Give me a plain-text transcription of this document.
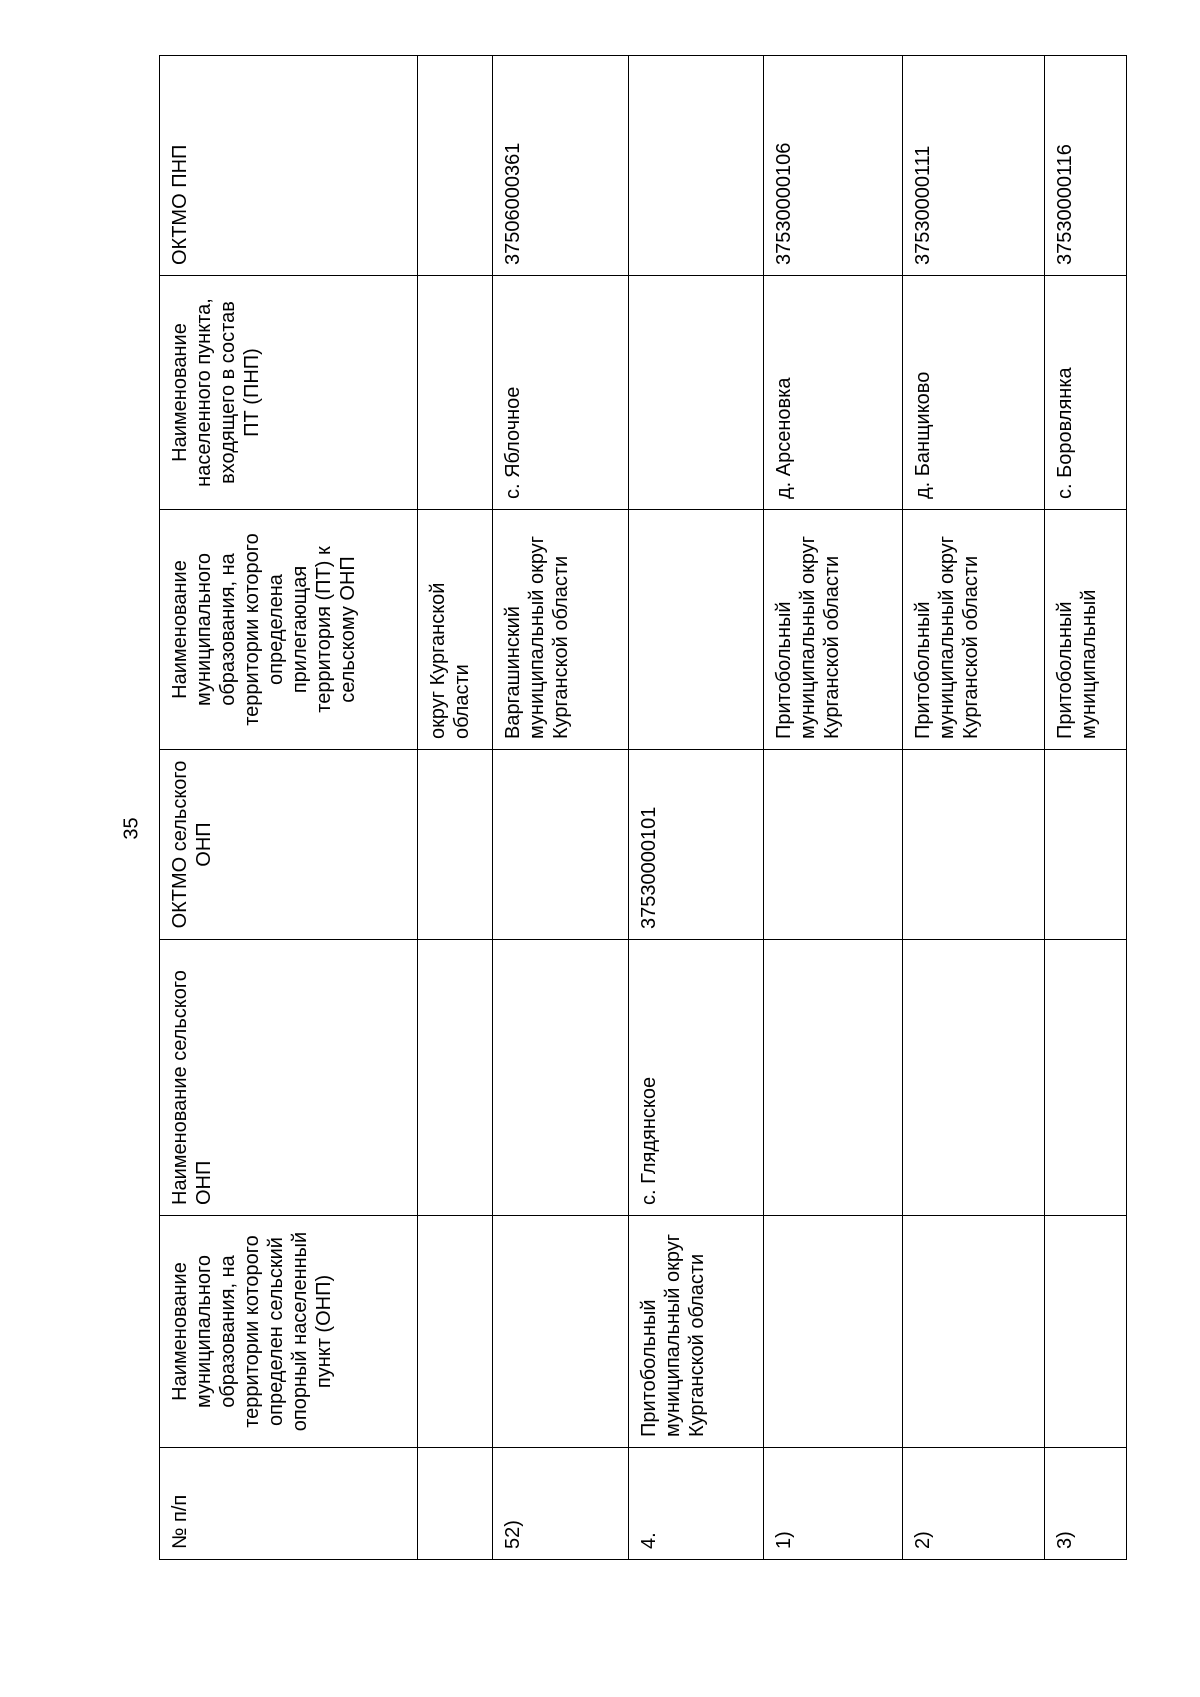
35
№ п/п	Наименование муниципального образования, на территории которого определен сельский опорный населенный пункт (ОНП)	Наименование сельского ОНП	ОКТМО сельского ОНП	Наименование муниципального образования, на территории которого определена прилегающая территория (ПТ) к сельскому ОНП	Наименование населенного пункта, входящего в состав ПТ (ПНП)	ОКТМО ПНП
				округ Курганской области		
52)				Варгашинский муниципальный округ Курганской области	с. Яблочное	37506000361
4.	Притобольный муниципальный округ Курганской области	с. Глядянское	37530000101			
1)				Притобольный муниципальный округ Курганской области	д. Арсеновка	37530000106
2)				Притобольный муниципальный округ Курганской области	д. Банщиково	37530000111
3)				Притобольный муниципальный	с. Боровлянка	37530000116
